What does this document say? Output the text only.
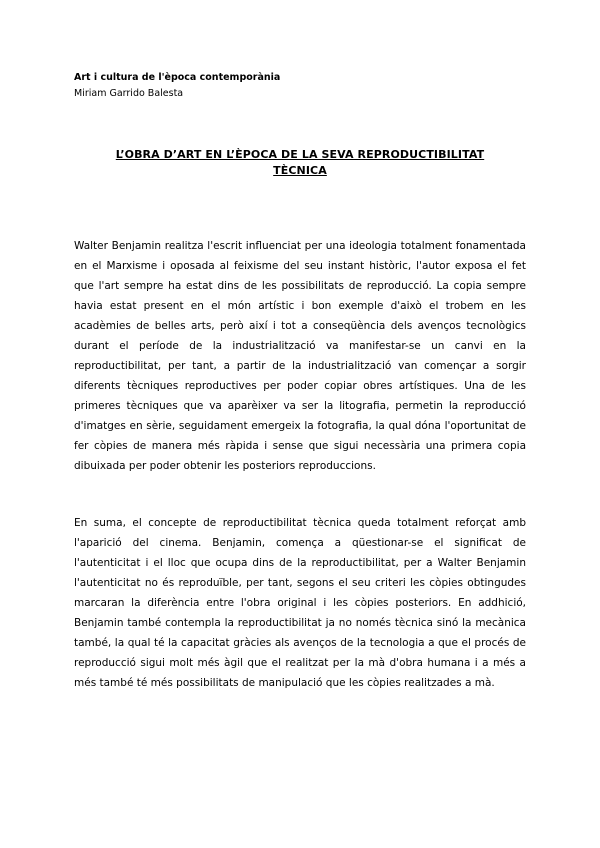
Art i cultura de l'època contemporània

Miriam Garrido Balesta

L’OBRA D’ART EN L’ÈPOCA DE LA SEVA REPRODUCTIBILITAT
TÈCNICA

Walter Benjamin realitza l'escrit influenciat per una ideologia totalment fonamentada en el Marxisme i oposada al feixisme del seu instant històric, l'autor exposa el fet que l'art sempre ha estat dins de les possibilitats de reproducció. La copia sempre havia estat present en el món artístic i bon exemple d'això el trobem en les acadèmies de belles arts, però així i tot a conseqüència dels avenços tecnològics durant el període de la industrialització va manifestar-se un canvi en la reproductibilitat, per tant, a partir de la industrialització van començar a sorgir diferents tècniques reproductives per poder copiar obres artístiques. Una de les primeres tècniques que va aparèixer va ser la litografia, permetin la reproducció d'imatges en sèrie, seguidament emergeix la fotografia, la qual dóna l'oportunitat de fer còpies de manera més ràpida i sense que sigui necessària una primera copia dibuixada per poder obtenir les posteriors reproduccions.

En suma, el concepte de reproductibilitat tècnica queda totalment reforçat amb l'aparició del cinema. Benjamin, comença a qüestionar-se el significat de l'autenticitat i el lloc que ocupa dins de la reproductibilitat, per a Walter Benjamin l'autenticitat no és reproduïble, per tant, segons el seu criteri les còpies obtingudes marcaran la diferència entre l'obra original i les còpies posteriors. En addhició, Benjamin també contempla la reproductibilitat ja no només tècnica sinó la mecànica també, la qual té la capacitat gràcies als avenços de la tecnologia a que el procés de reproducció sigui molt més àgil que el realitzat per la mà d'obra humana i a més a més també té més possibilitats de manipulació que les còpies realitzades a mà.
